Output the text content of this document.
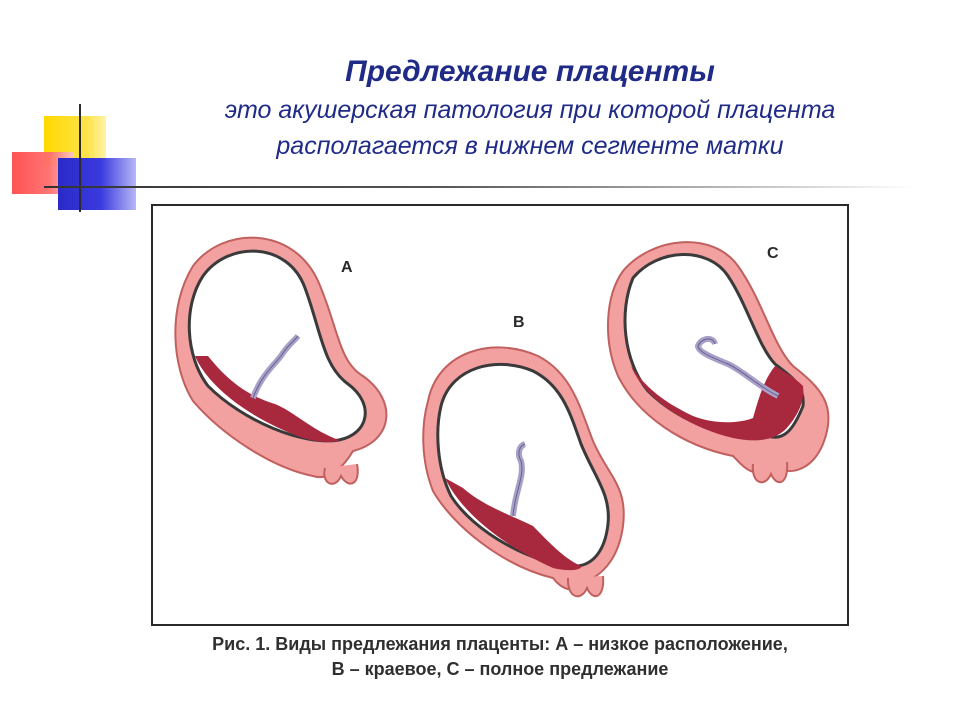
Предлежание плаценты

это акушерская патология при которой плацента

располагается в нижнем сегменте матки

A
B
C
Рис. 1. Виды предлежания плаценты: А – низкое расположение,
В – краевое, С – полное предлежание
